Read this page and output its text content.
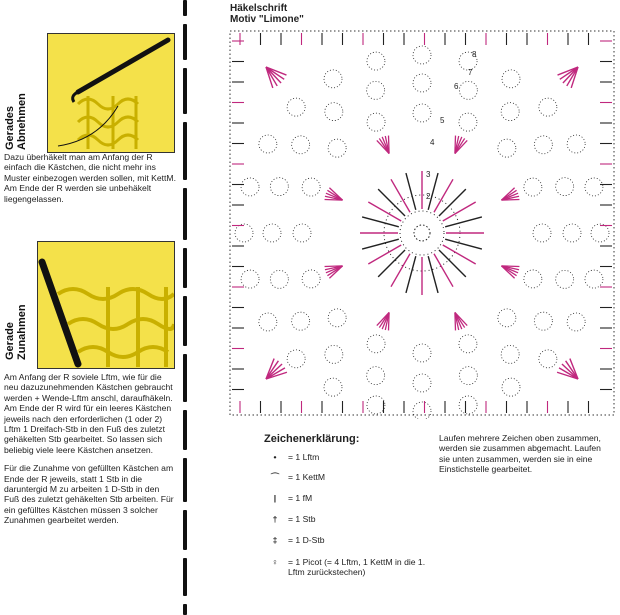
Gerades Abnehmen

Dazu überhäkelt man am Anfang der R einfach die Kästchen, die nicht mehr ins Muster einbezogen werden sollen, mit KettM. Am Ende der R werden sie unbehäkelt liegengelassen.

Gerade Zunahmen

Am Anfang der R soviele Lftm, wie für die neu dazuzunehmenden Kästchen gebraucht werden + Wende-Lftm anschl, daraufhäkeln.

Am Ende der R wird für ein leeres Kästchen jeweils nach den erforderlichen (1 oder 2) Lftm 1 Dreifach-Stb in den Fuß des zuletzt gehäkelten Stb gearbeitet. So lassen sich beliebig viele leere Kästchen ansetzen.

Für die Zunahme von gefüllten Kästchen am Ende der R jeweils, statt 1 Stb in die daruntergid M zu arbeiten 1 D-Stb in den Fuß des zuletzt gehäkelten Stb arbeiten. Für ein gefülltes Kästchen müssen 3 solcher Zunahmen gearbeitet werden.

Häkelschrift
Motiv "Limone"
2
3
4
5
6
7
8
Zeichenerklärung:
• = 1 Lftm
⌒ = 1 KettM
| = 1 fM
† = 1 Stb
‡ = 1 D-Stb
♀	= 1 Picot (= 4 Lftm, 1 KettM in die 1. Lftm zurückstechen)
Laufen mehrere Zeichen oben zusammen, werden sie zusammen abgemacht. Laufen sie unten zusammen, werden sie in eine Einstichstelle gearbeitet.
